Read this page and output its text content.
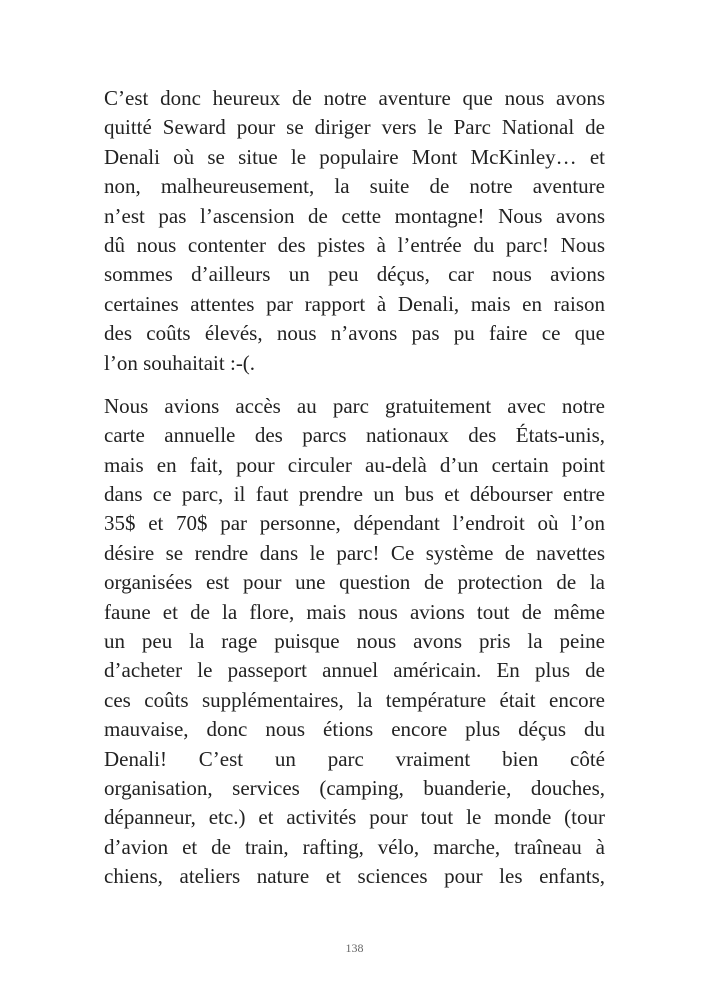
C’est donc heureux de notre aventure que nous avons
quitté Seward pour se diriger vers le Parc National de
Denali où se situe le populaire Mont McKinley… et
non, malheureusement, la suite de notre aventure
n’est pas l’ascension de cette montagne! Nous avons
dû nous contenter des pistes à l’entrée du parc! Nous
sommes d’ailleurs un peu déçus, car nous avions
certaines attentes par rapport à Denali, mais en raison
des coûts élevés, nous n’avons pas pu faire ce que
l’on souhaitait :-(.

Nous avions accès au parc gratuitement avec notre
carte annuelle des parcs nationaux des États-unis,
mais en fait, pour circuler au-delà d’un certain point
dans ce parc, il faut prendre un bus et débourser entre
35$ et 70$ par personne, dépendant l’endroit où l’on
désire se rendre dans le parc! Ce système de navettes
organisées est pour une question de protection de la
faune et de la flore, mais nous avions tout de même
un peu la rage puisque nous avons pris la peine
d’acheter le passeport annuel américain. En plus de
ces coûts supplémentaires, la température était encore
mauvaise, donc nous étions encore plus déçus du
Denali! C’est un parc vraiment bien côté
organisation, services (camping, buanderie, douches,
dépanneur, etc.) et activités pour tout le monde (tour
d’avion et de train, rafting, vélo, marche, traîneau à
chiens, ateliers nature et sciences pour les enfants,

138
